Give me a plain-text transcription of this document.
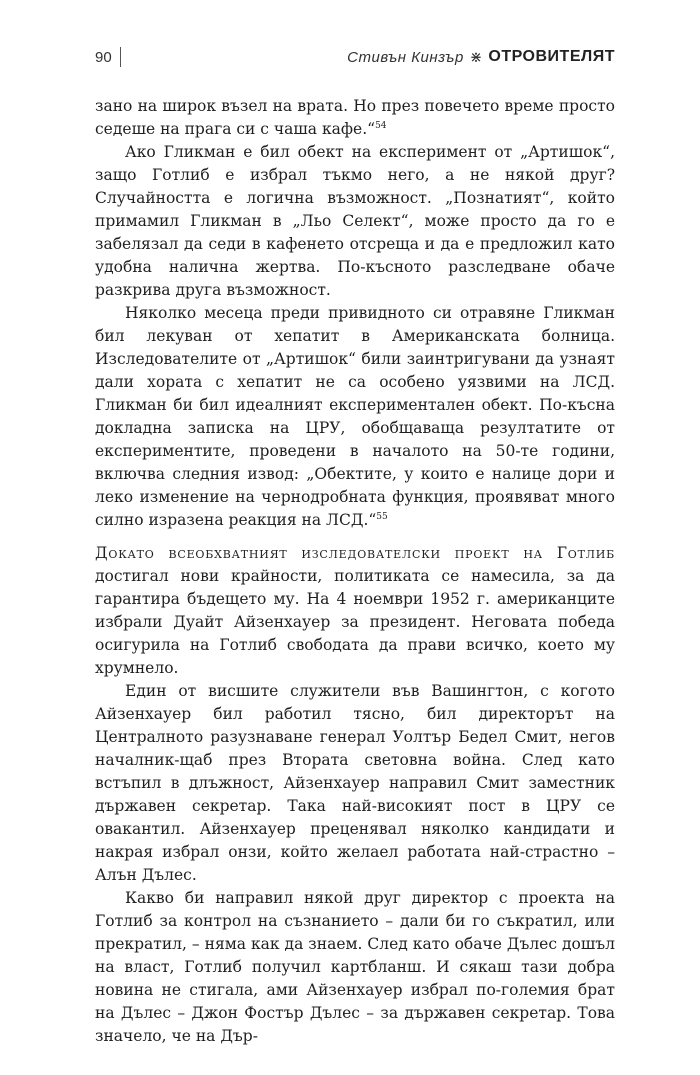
90	Стивън Кинзър ⋇ ОТРОВИТЕЛЯТ

зано на широк възел на врата. Но през повечето време просто седеше на прага си с чаша кафе.“$^{54}$

Ако Гликман е бил обект на експеримент от „Артишок“, защо Готлиб е избрал тъкмо него, а не някой друг? Случайността е логична възможност. „Познатият“, който примамил Гликман в „Льо Селект“, може просто да го е забелязал да седи в кафенето отсреща и да е предложил като удобна налична жертва. По-късното разследване обаче разкрива друга възможност.

Няколко месеца преди привидното си отравяне Гликман бил лекуван от хепатит в Американската болница. Изследователите от „Артишок“ били заинтригувани да узнаят дали хората с хепатит не са особено уязвими на ЛСД. Гликман би бил идеалният експериментален обект. По-късна докладна записка на ЦРУ, обобщаваща резултатите от експериментите, проведени в началото на 50-те години, включва следния извод: „Обектите, у които е налице дори и леко изменение на чернодробната функция, проявяват много силно изразена реакция на ЛСД.“$^{55}$

Докато всеобхватният изследователски проект на Готлиб достигал нови крайности, политиката се намесила, за да гарантира бъдещето му. На 4 ноември 1952 г. американците избрали Дуайт Айзенхауер за президент. Неговата победа осигурила на Готлиб свободата да прави всичко, което му хрумнело.

Един от висшите служители във Вашингтон, с когото Айзенхауер бил работил тясно, бил директорът на Централното разузнаване генерал Уолтър Бедел Смит, негов началник-щаб през Втората световна война. След като встъпил в длъжност, Айзенхауер направил Смит заместник държавен секретар. Така най-високият пост в ЦРУ се овакантил. Айзенхауер преценявал няколко кандидати и накрая избрал онзи, който желаел работата най-страстно – Алън Дълес.

Какво би направил някой друг директор с проекта на Готлиб за контрол на съзнанието – дали би го съкратил, или прекратил, – няма как да знаем. След като обаче Дълес дошъл на власт, Готлиб получил картбланш. И сякаш тази добра новина не стигала, ами Айзенхауер избрал по-големия брат на Дълес – Джон Фостър Дълес – за държавен секретар. Това значело, че на Дър-
